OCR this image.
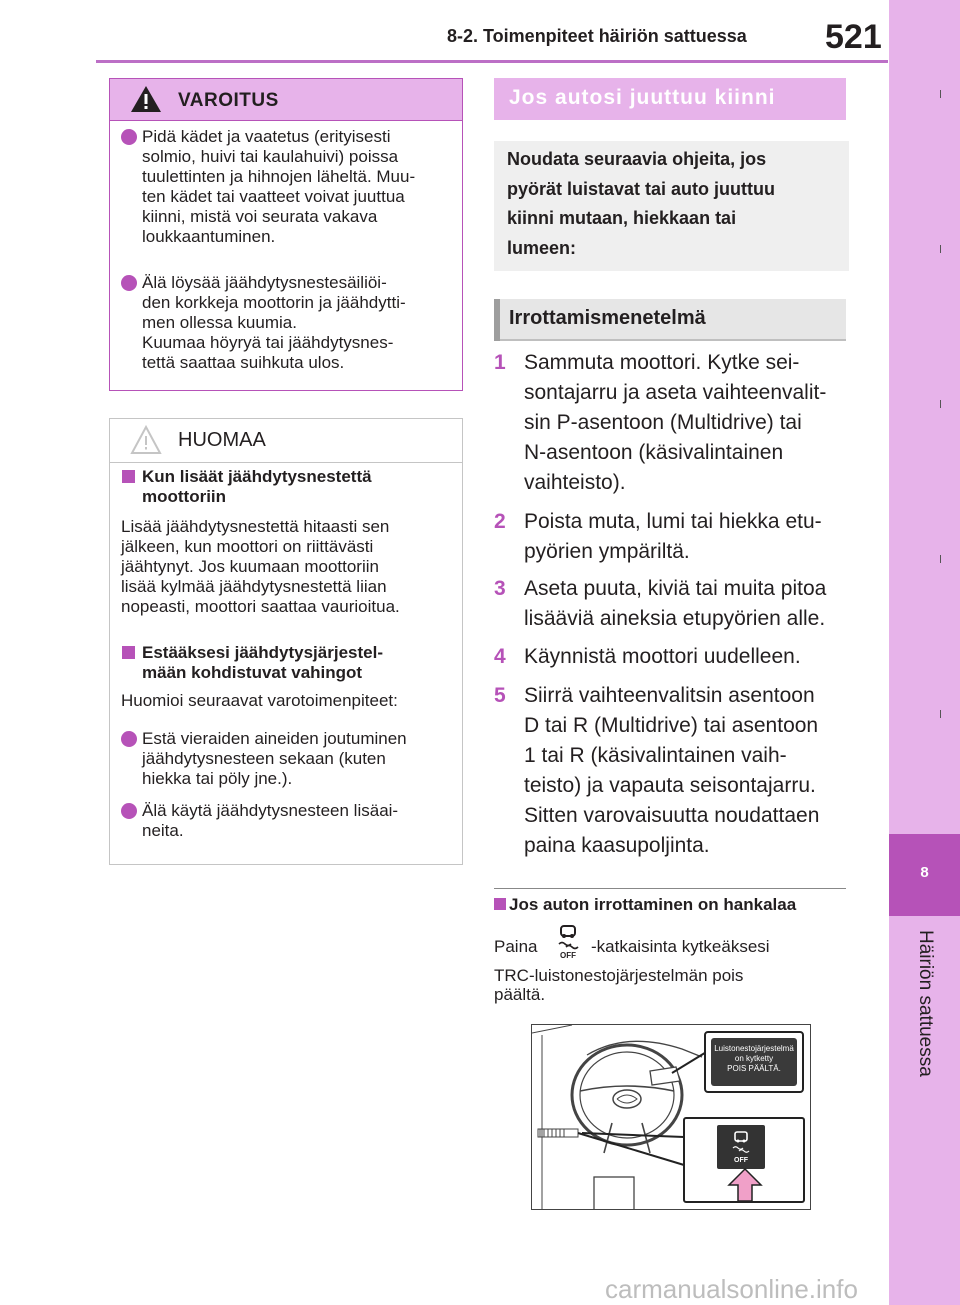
8-2. Toimenpiteet häiriön sattuessa 521
8
Häiriön sattuessa
VAROITUS
Pidä kädet ja vaatetus (erityisesti
solmio, huivi tai kaulahuivi) poissa
tuulettinten ja hihnojen läheltä. Muu-
ten kädet tai vaatteet voivat juuttua
kiinni, mistä voi seurata vakava
loukkaantuminen.
Älä löysää jäähdytysnestesäiliöi-
den korkkeja moottorin ja jäähdytti-
men ollessa kuumia.
Kuumaa höyryä tai jäähdytysnes-
tettä saattaa suihkuta ulos.
HUOMAA
Kun lisäät jäähdytysnestettä
moottoriin
Lisää jäähdytysnestettä hitaasti sen
jälkeen, kun moottori on riittävästi
jäähtynyt. Jos kuumaan moottoriin
lisää kylmää jäähdytysnestettä liian
nopeasti, moottori saattaa vaurioitua.
Estääksesi jäähdytysjärjestel-
mään kohdistuvat vahingot
Huomioi seuraavat varotoimenpiteet:
Estä vieraiden aineiden joutuminen
jäähdytysnesteen sekaan (kuten
hiekka tai pöly jne.).
Älä käytä jäähdytysnesteen lisäai-
neita.
Jos autosi juuttuu kiinni
Noudata seuraavia ohjeita, jos
pyörät luistavat tai auto juuttuu
kiinni mutaan, hiekkaan tai
lumeen:
Irrottamismenetelmä
1 Sammuta moottori. Kytke sei-
sontajarru ja aseta vaihteenvalit-
sin P-asentoon (Multidrive) tai
N-asentoon (käsivalintainen
vaihteisto).
2 Poista muta, lumi tai hiekka etu-
pyörien ympäriltä.
3 Aseta puuta, kiviä tai muita pitoa
lisääviä aineksia etupyörien alle.
4 Käynnistä moottori uudelleen.
5 Siirrä vaihteenvalitsin asentoon
D tai R (Multidrive) tai asentoon
1 tai R (käsivalintainen vaih-
teisto) ja vapauta seisontajarru.
Sitten varovaisuutta noudattaen
paina kaasupoljinta.
Jos auton irrottaminen on hankalaa
Paina	OFF -katkaisinta kytkeäksesi
TRC-luistonestojärjestelmän pois
päältä.
Luistonestojärjestelmä
on kytketty
POIS PÄÄLTÄ.
OFF
carmanualsonline.info
